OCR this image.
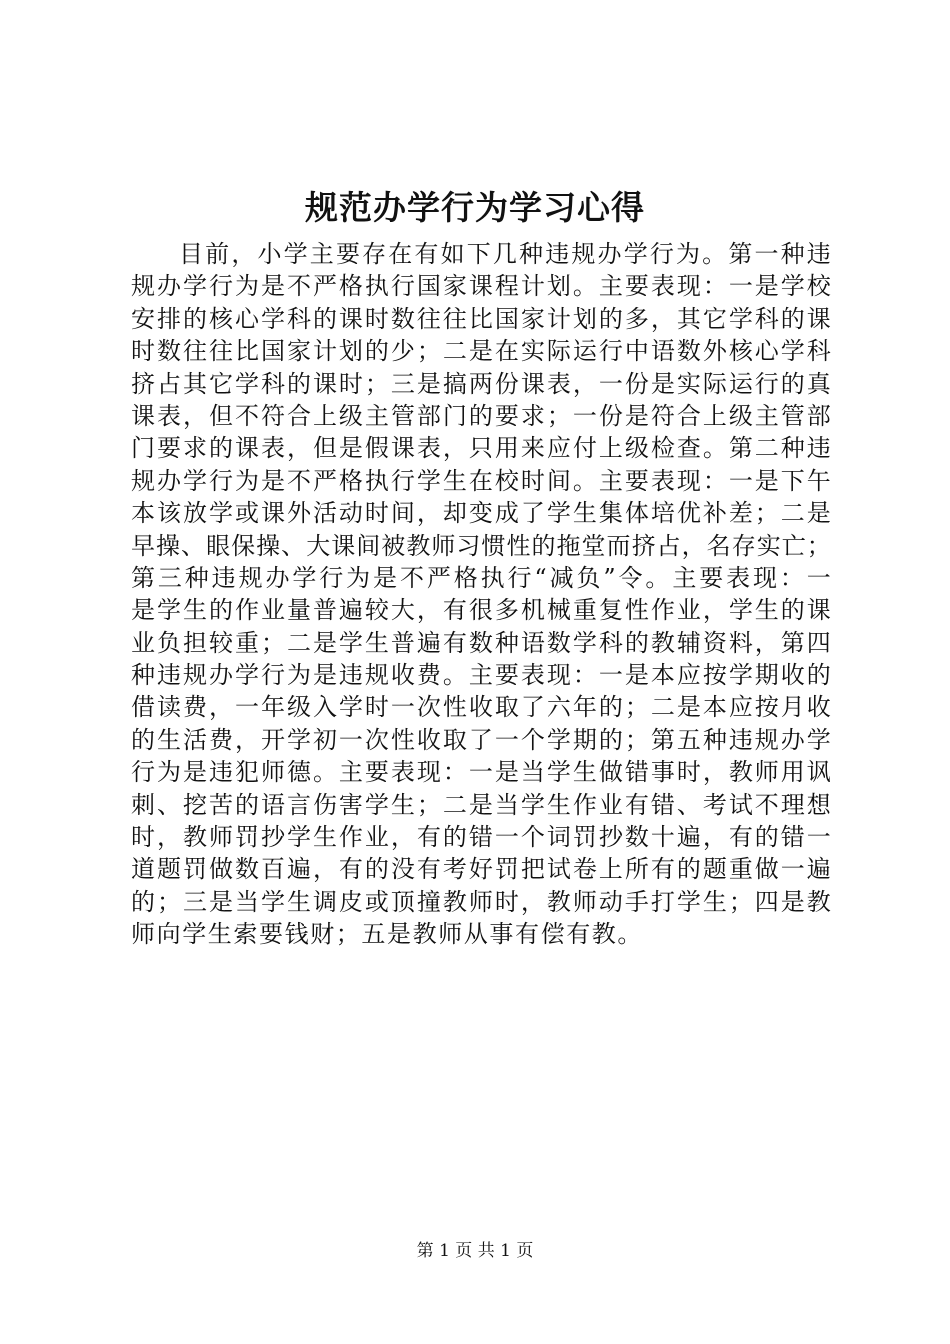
规范办学行为学习心得
目前，小学主要存在有如下几种违规办学行为。第一种违
规办学行为是不严格执行国家课程计划。主要表现：一是学校
安排的核心学科的课时数往往比国家计划的多，其它学科的课
时数往往比国家计划的少；二是在实际运行中语数外核心学科
挤占其它学科的课时；三是搞两份课表，一份是实际运行的真
课表，但不符合上级主管部门的要求；一份是符合上级主管部
门要求的课表，但是假课表，只用来应付上级检查。第二种违
规办学行为是不严格执行学生在校时间。主要表现：一是下午
本该放学或课外活动时间，却变成了学生集体培优补差；二是
早操、眼保操、大课间被教师习惯性的拖堂而挤占，名存实亡；
第三种违规办学行为是不严格执行“减负”令。主要表现：一
是学生的作业量普遍较大，有很多机械重复性作业，学生的课
业负担较重；二是学生普遍有数种语数学科的教辅资料，第四
种违规办学行为是违规收费。主要表现：一是本应按学期收的
借读费，一年级入学时一次性收取了六年的；二是本应按月收
的生活费，开学初一次性收取了一个学期的；第五种违规办学
行为是违犯师德。主要表现：一是当学生做错事时，教师用讽
刺、挖苦的语言伤害学生；二是当学生作业有错、考试不理想
时，教师罚抄学生作业，有的错一个词罚抄数十遍，有的错一
道题罚做数百遍，有的没有考好罚把试卷上所有的题重做一遍
的；三是当学生调皮或顶撞教师时，教师动手打学生；四是教
师向学生索要钱财；五是教师从事有偿有教。
第 1 页 共 1 页
